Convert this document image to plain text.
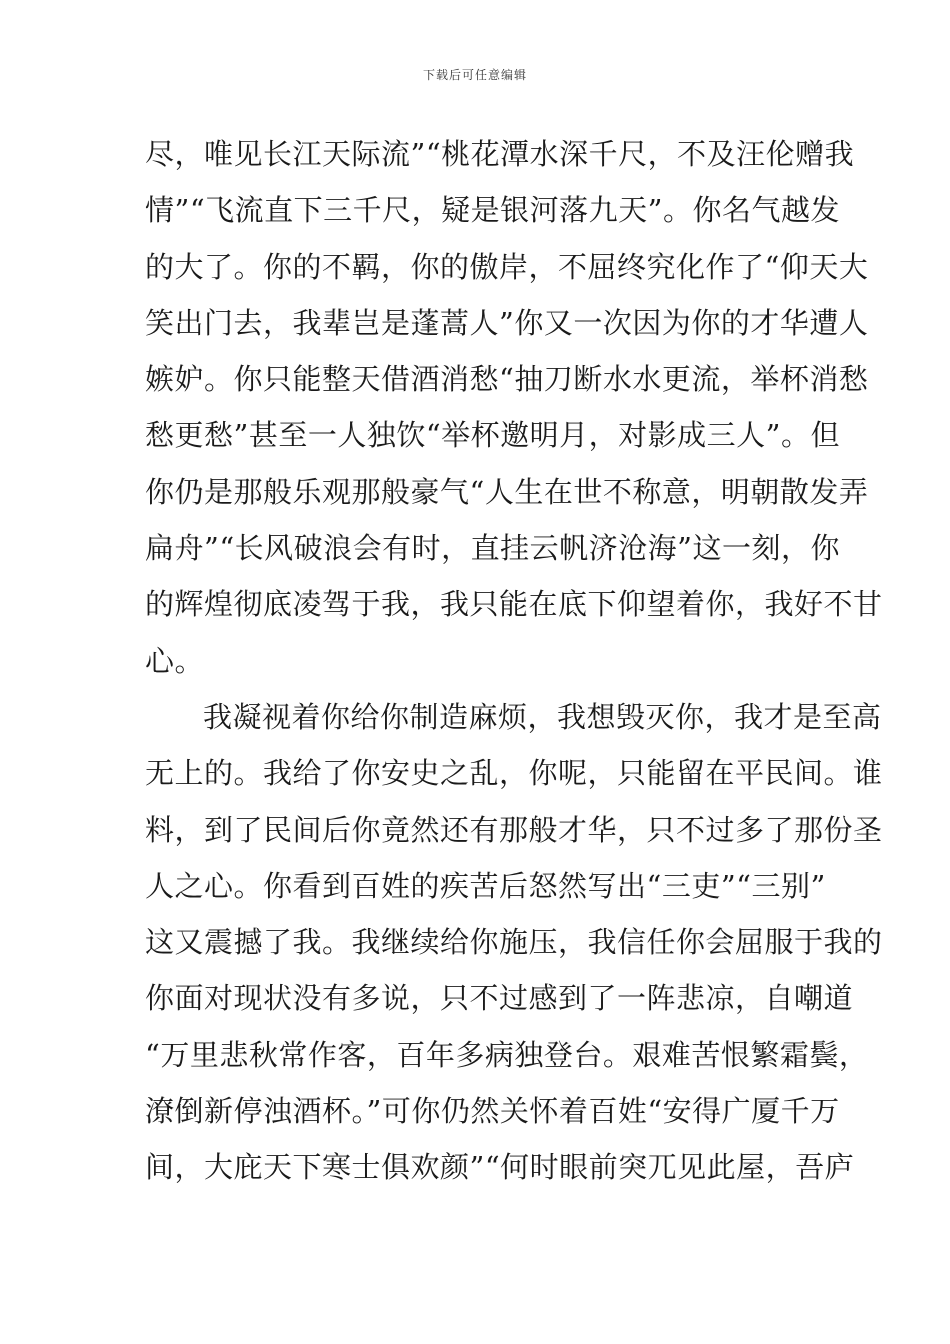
下载后可任意编辑
尽，唯见长江天际流”“桃花潭水深千尺，不及汪伦赠我
情”“飞流直下三千尺，疑是银河落九天”。你名气越发
的大了。你的不羁，你的傲岸，不屈终究化作了“仰天大
笑出门去，我辈岂是蓬蒿人”你又一次因为你的才华遭人
嫉妒。你只能整天借酒消愁“抽刀断水水更流，举杯消愁
愁更愁”甚至一人独饮“举杯邀明月，对影成三人”。但
你仍是那般乐观那般豪气“人生在世不称意，明朝散发弄
扁舟”“长风破浪会有时，直挂云帆济沧海”这一刻，你
的辉煌彻底凌驾于我，我只能在底下仰望着你，我好不甘
心。
我凝视着你给你制造麻烦，我想毁灭你，我才是至高
无上的。我给了你安史之乱，你呢，只能留在平民间。谁
料，到了民间后你竟然还有那般才华，只不过多了那份圣
人之心。你看到百姓的疾苦后怒然写出“三吏”“三别”
这又震撼了我。我继续给你施压，我信任你会屈服于我的
你面对现状没有多说，只不过感到了一阵悲凉，自嘲道
“万里悲秋常作客，百年多病独登台。艰难苦恨繁霜鬓，
潦倒新停浊酒杯。”可你仍然关怀着百姓“安得广厦千万
间，大庇天下寒士俱欢颜”“何时眼前突兀见此屋，吾庐
